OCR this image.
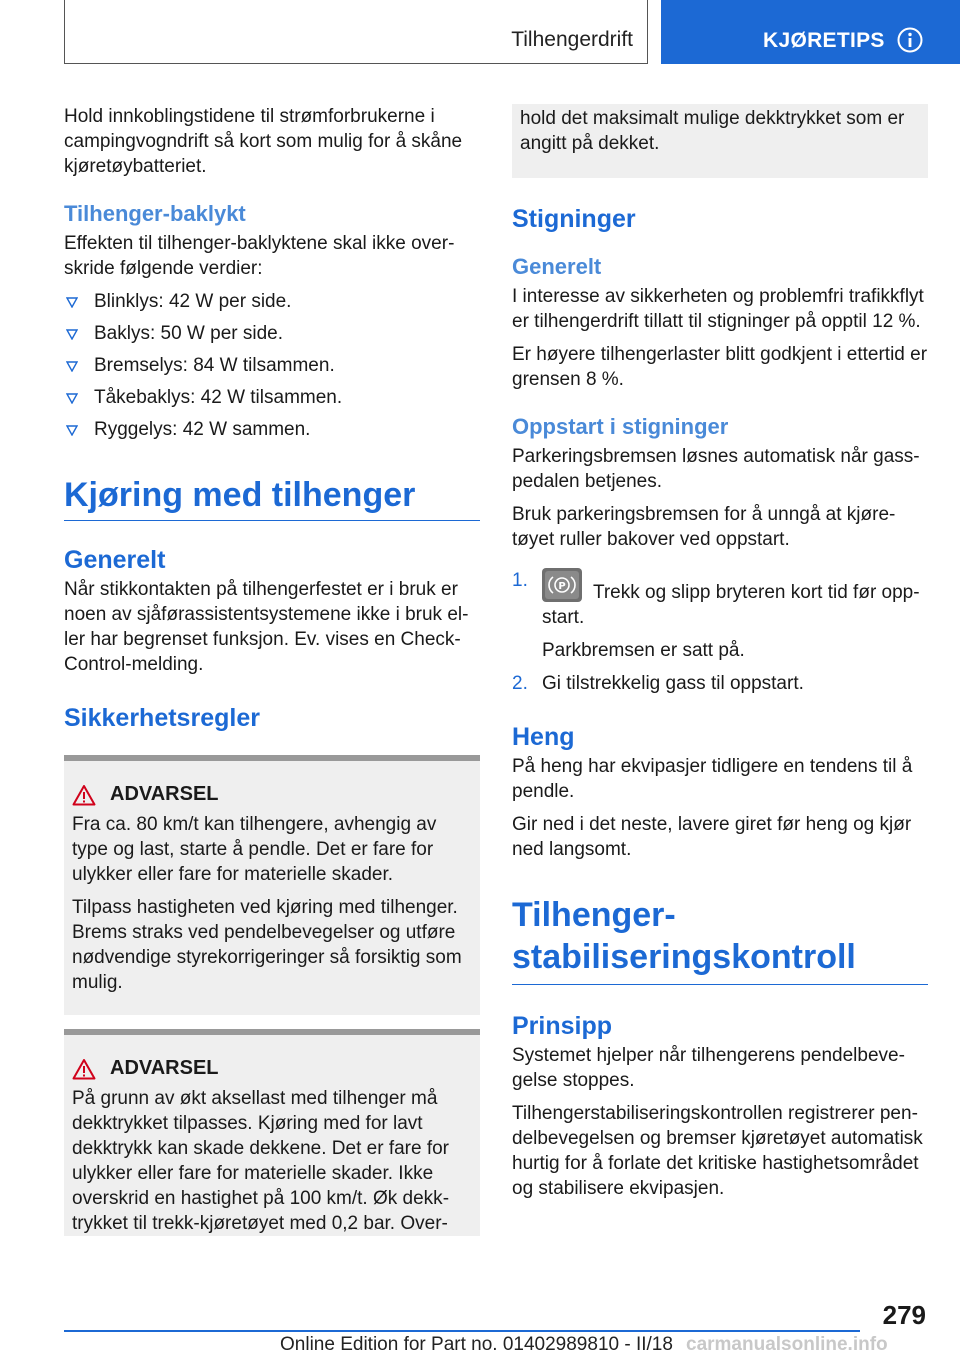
Tilhengerdrift	KJØRETIPS

Hold innkoblingstidene til strømforbrukerne i campingvogndrift så kort som mulig for å skåne kjøretøybatteriet.

Tilhenger-baklykt

Effekten til tilhenger-baklyktene skal ikke overskride følgende verdier:

Blinklys: 42 W per side.
Baklys: 50 W per side.
Bremselys: 84 W tilsammen.
Tåkebaklys: 42 W tilsammen.
Ryggelys: 42 W sammen.
Kjøring med tilhenger
Generelt

Når stikkontakten på tilhengerfestet er i bruk er noen av sjåførassistentsystemene ikke i bruk eller har begrenset funksjon. Ev. vises en Check-Control-melding.

Sikkerhetsregler
ADVARSEL

Fra ca. 80 km/t kan tilhengere, avhengig av type og last, starte å pendle. Det er fare for ulykker eller fare for materielle skader.

Tilpass hastigheten ved kjøring med tilhenger. Brems straks ved pendelbevegelser og utføre nødvendige styrekorrigeringer så forsiktig som mulig.

ADVARSEL

På grunn av økt aksellast med tilhenger må dekktrykket tilpasses. Kjøring med for lavt dekktrykk kan skade dekkene. Det er fare for ulykker eller fare for materielle skader. Ikke overskrid en hastighet på 100 km/t. Øk dekktrykket til trekk-kjøretøyet med 0,2 bar. Over-

hold det maksimalt mulige dekktrykket som er angitt på dekket.

Stigninger
Generelt

I interesse av sikkerheten og problemfri trafikkflyt er tilhengerdrift tillatt til stigninger på opptil 12 %.

Er høyere tilhengerlaster blitt godkjent i ettertid er grensen 8 %.

Oppstart i stigninger

Parkeringsbremsen løsnes automatisk når gasspedalen betjenes.

Bruk parkeringsbremsen for å unngå at kjøretøyet ruller bakover ved oppstart.

1.	P Trekk og slipp bryteren kort tid før oppstart.
Parkbremsen er satt på.
2. Gi tilstrekkelig gass til oppstart.
Heng

På heng har ekvipasjer tidligere en tendens til å pendle.

Gir ned i det neste, lavere giret før heng og kjør ned langsomt.

Tilhenger-
stabiliseringskontroll
Prinsipp

Systemet hjelper når tilhengerens pendelbevegelse stoppes.

Tilhengerstabiliseringskontrollen registrerer pendelbevegelsen og bremser kjøretøyet automatisk hurtig for å forlate det kritiske hastighetsområdet og stabilisere ekvipasjen.

279
Online Edition for Part no. 01402989810 - II/18 carmanualsonline.info
